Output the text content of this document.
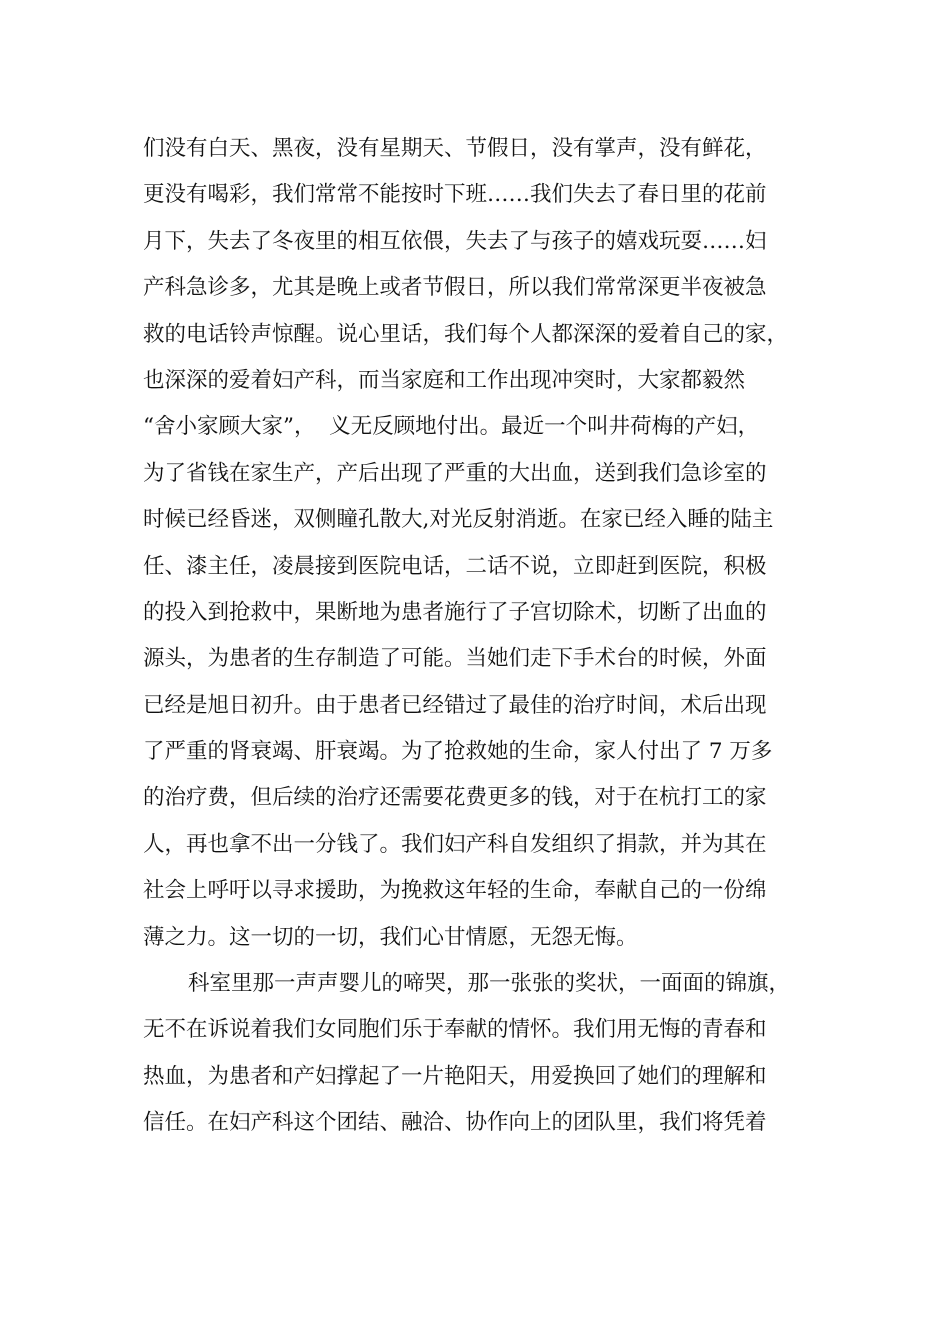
们没有白天、黑夜，没有星期天、节假日，没有掌声，没有鲜花，
更没有喝彩，我们常常不能按时下班……我们失去了春日里的花前
月下，失去了冬夜里的相互依偎，失去了与孩子的嬉戏玩耍……妇
产科急诊多，尤其是晚上或者节假日，所以我们常常深更半夜被急
救的电话铃声惊醒。说心里话，我们每个人都深深的爱着自己的家，
也深深的爱着妇产科，而当家庭和工作出现冲突时，大家都毅然
“舍小家顾大家”，  义无反顾地付出。最近一个叫井荷梅的产妇，
为了省钱在家生产，产后出现了严重的大出血，送到我们急诊室的
时候已经昏迷，双侧瞳孔散大,对光反射消逝。在家已经入睡的陆主
任、漆主任，凌晨接到医院电话，二话不说，立即赶到医院，积极
的投入到抢救中，果断地为患者施行了子宫切除术，切断了出血的
源头，为患者的生存制造了可能。当她们走下手术台的时候，外面
已经是旭日初升。由于患者已经错过了最佳的治疗时间，术后出现
了严重的肾衰竭、肝衰竭。为了抢救她的生命，家人付出了 7 万多
的治疗费，但后续的治疗还需要花费更多的钱，对于在杭打工的家
人，再也拿不出一分钱了。我们妇产科自发组织了捐款，并为其在
社会上呼吁以寻求援助，为挽救这年轻的生命，奉献自己的一份绵
薄之力。这一切的一切，我们心甘情愿，无怨无悔。
科室里那一声声婴儿的啼哭，那一张张的奖状，一面面的锦旗，
无不在诉说着我们女同胞们乐于奉献的情怀。我们用无悔的青春和
热血，为患者和产妇撑起了一片艳阳天，用爱换回了她们的理解和
信任。在妇产科这个团结、融洽、协作向上的团队里，我们将凭着
